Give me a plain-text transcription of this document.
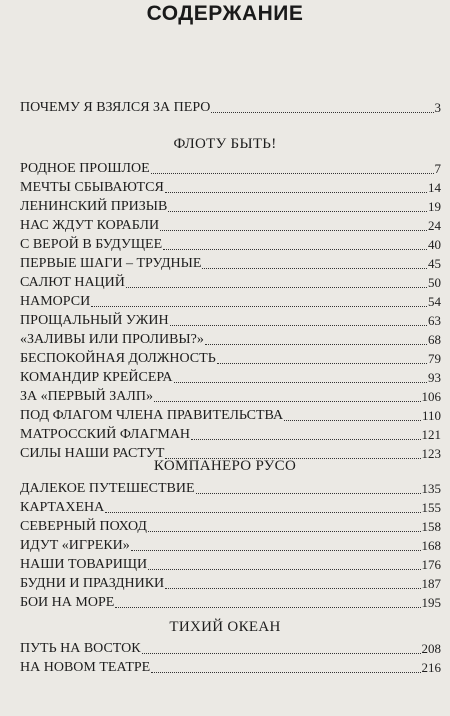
СОДЕРЖАНИЕ
ПОЧЕМУ Я ВЗЯЛСЯ ЗА ПЕРО	3
ФЛОТУ БЫТЬ!
РОДНОЕ ПРОШЛОЕ	7
МЕЧТЫ СБЫВАЮТСЯ	14
ЛЕНИНСКИЙ ПРИЗЫВ	19
НАС ЖДУТ КОРАБЛИ	24
С ВЕРОЙ В БУДУЩЕЕ	40
ПЕРВЫЕ ШАГИ – ТРУДНЫЕ	45
САЛЮТ НАЦИЙ	50
НАМОРСИ	54
ПРОЩАЛЬНЫЙ УЖИН	63
«ЗАЛИВЫ ИЛИ ПРОЛИВЫ?»	68
БЕСПОКОЙНАЯ ДОЛЖНОСТЬ	79
КОМАНДИР КРЕЙСЕРА	93
ЗА «ПЕРВЫЙ ЗАЛП»	106
ПОД ФЛАГОМ ЧЛЕНА ПРАВИТЕЛЬСТВА	110
МАТРОССКИЙ ФЛАГМАН	121
СИЛЫ НАШИ РАСТУТ	123
КОМПАНЕРО РУСО
ДАЛЕКОЕ ПУТЕШЕСТВИЕ	135
КАРТАХЕНА	155
СЕВЕРНЫЙ ПОХОД	158
ИДУТ «ИГРЕКИ»	168
НАШИ ТОВАРИЩИ	176
БУДНИ И ПРАЗДНИКИ	187
БОИ НА МОРЕ	195
ТИХИЙ ОКЕАН
ПУТЬ НА ВОСТОК	208
НА НОВОМ ТЕАТРЕ	216
